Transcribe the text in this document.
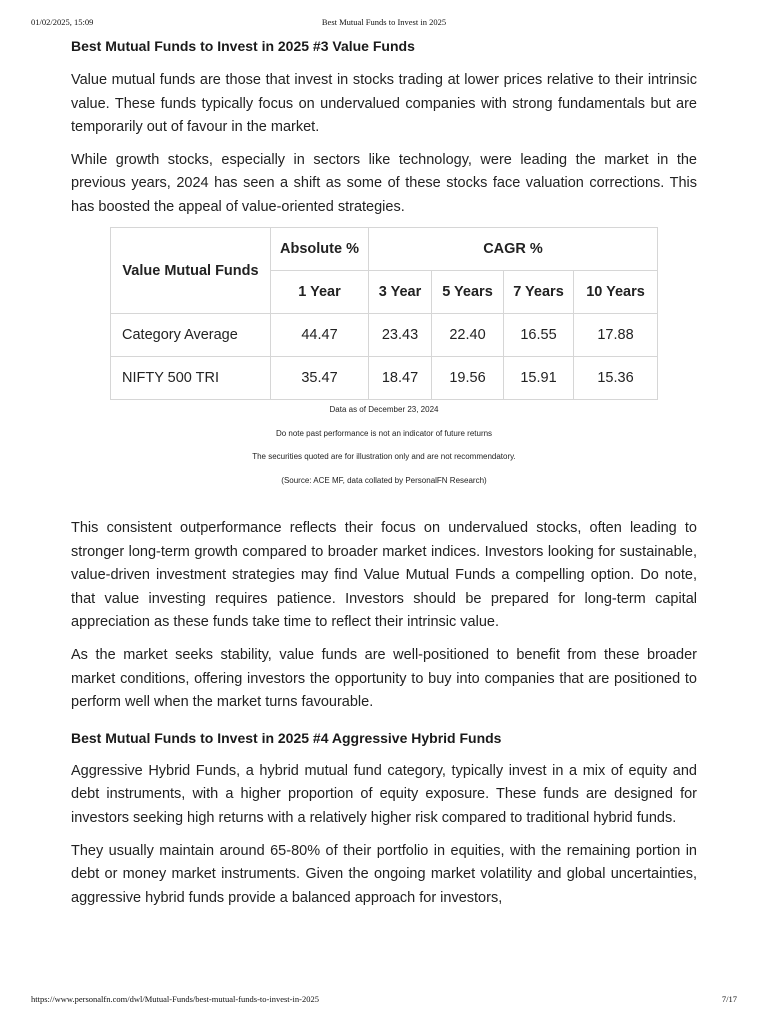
01/02/2025, 15:09	Best Mutual Funds to Invest in 2025
Best Mutual Funds to Invest in 2025 #3 Value Funds

Value mutual funds are those that invest in stocks trading at lower prices relative to their intrinsic value. These funds typically focus on undervalued companies with strong fundamentals but are temporarily out of favour in the market.

While growth stocks, especially in sectors like technology, were leading the market in the previous years, 2024 has seen a shift as some of these stocks face valuation corrections. This has boosted the appeal of value-oriented strategies.

Value Mutual Funds	Absolute %	CAGR %			
	1 Year	3 Year	5 Years	7 Years	10 Years
Category Average	44.47	23.43	22.40	16.55	17.88
NIFTY 500 TRI	35.47	18.47	19.56	15.91	15.36
Data as of December 23, 2024
Do note past performance is not an indicator of future returns
The securities quoted are for illustration only and are not recommendatory.
(Source: ACE MF, data collated by PersonalFN Research)

This consistent outperformance reflects their focus on undervalued stocks, often leading to stronger long-term growth compared to broader market indices. Investors looking for sustainable, value-driven investment strategies may find Value Mutual Funds a compelling option. Do note, that value investing requires patience. Investors should be prepared for long-term capital appreciation as these funds take time to reflect their intrinsic value.

As the market seeks stability, value funds are well-positioned to benefit from these broader market conditions, offering investors the opportunity to buy into companies that are positioned to perform well when the market turns favourable.

Best Mutual Funds to Invest in 2025 #4 Aggressive Hybrid Funds

Aggressive Hybrid Funds, a hybrid mutual fund category, typically invest in a mix of equity and debt instruments, with a higher proportion of equity exposure. These funds are designed for investors seeking high returns with a relatively higher risk compared to traditional hybrid funds.

They usually maintain around 65-80% of their portfolio in equities, with the remaining portion in debt or money market instruments. Given the ongoing market volatility and global uncertainties, aggressive hybrid funds provide a balanced approach for investors,

https://www.personalfn.com/dwl/Mutual-Funds/best-mutual-funds-to-invest-in-2025	7/17
